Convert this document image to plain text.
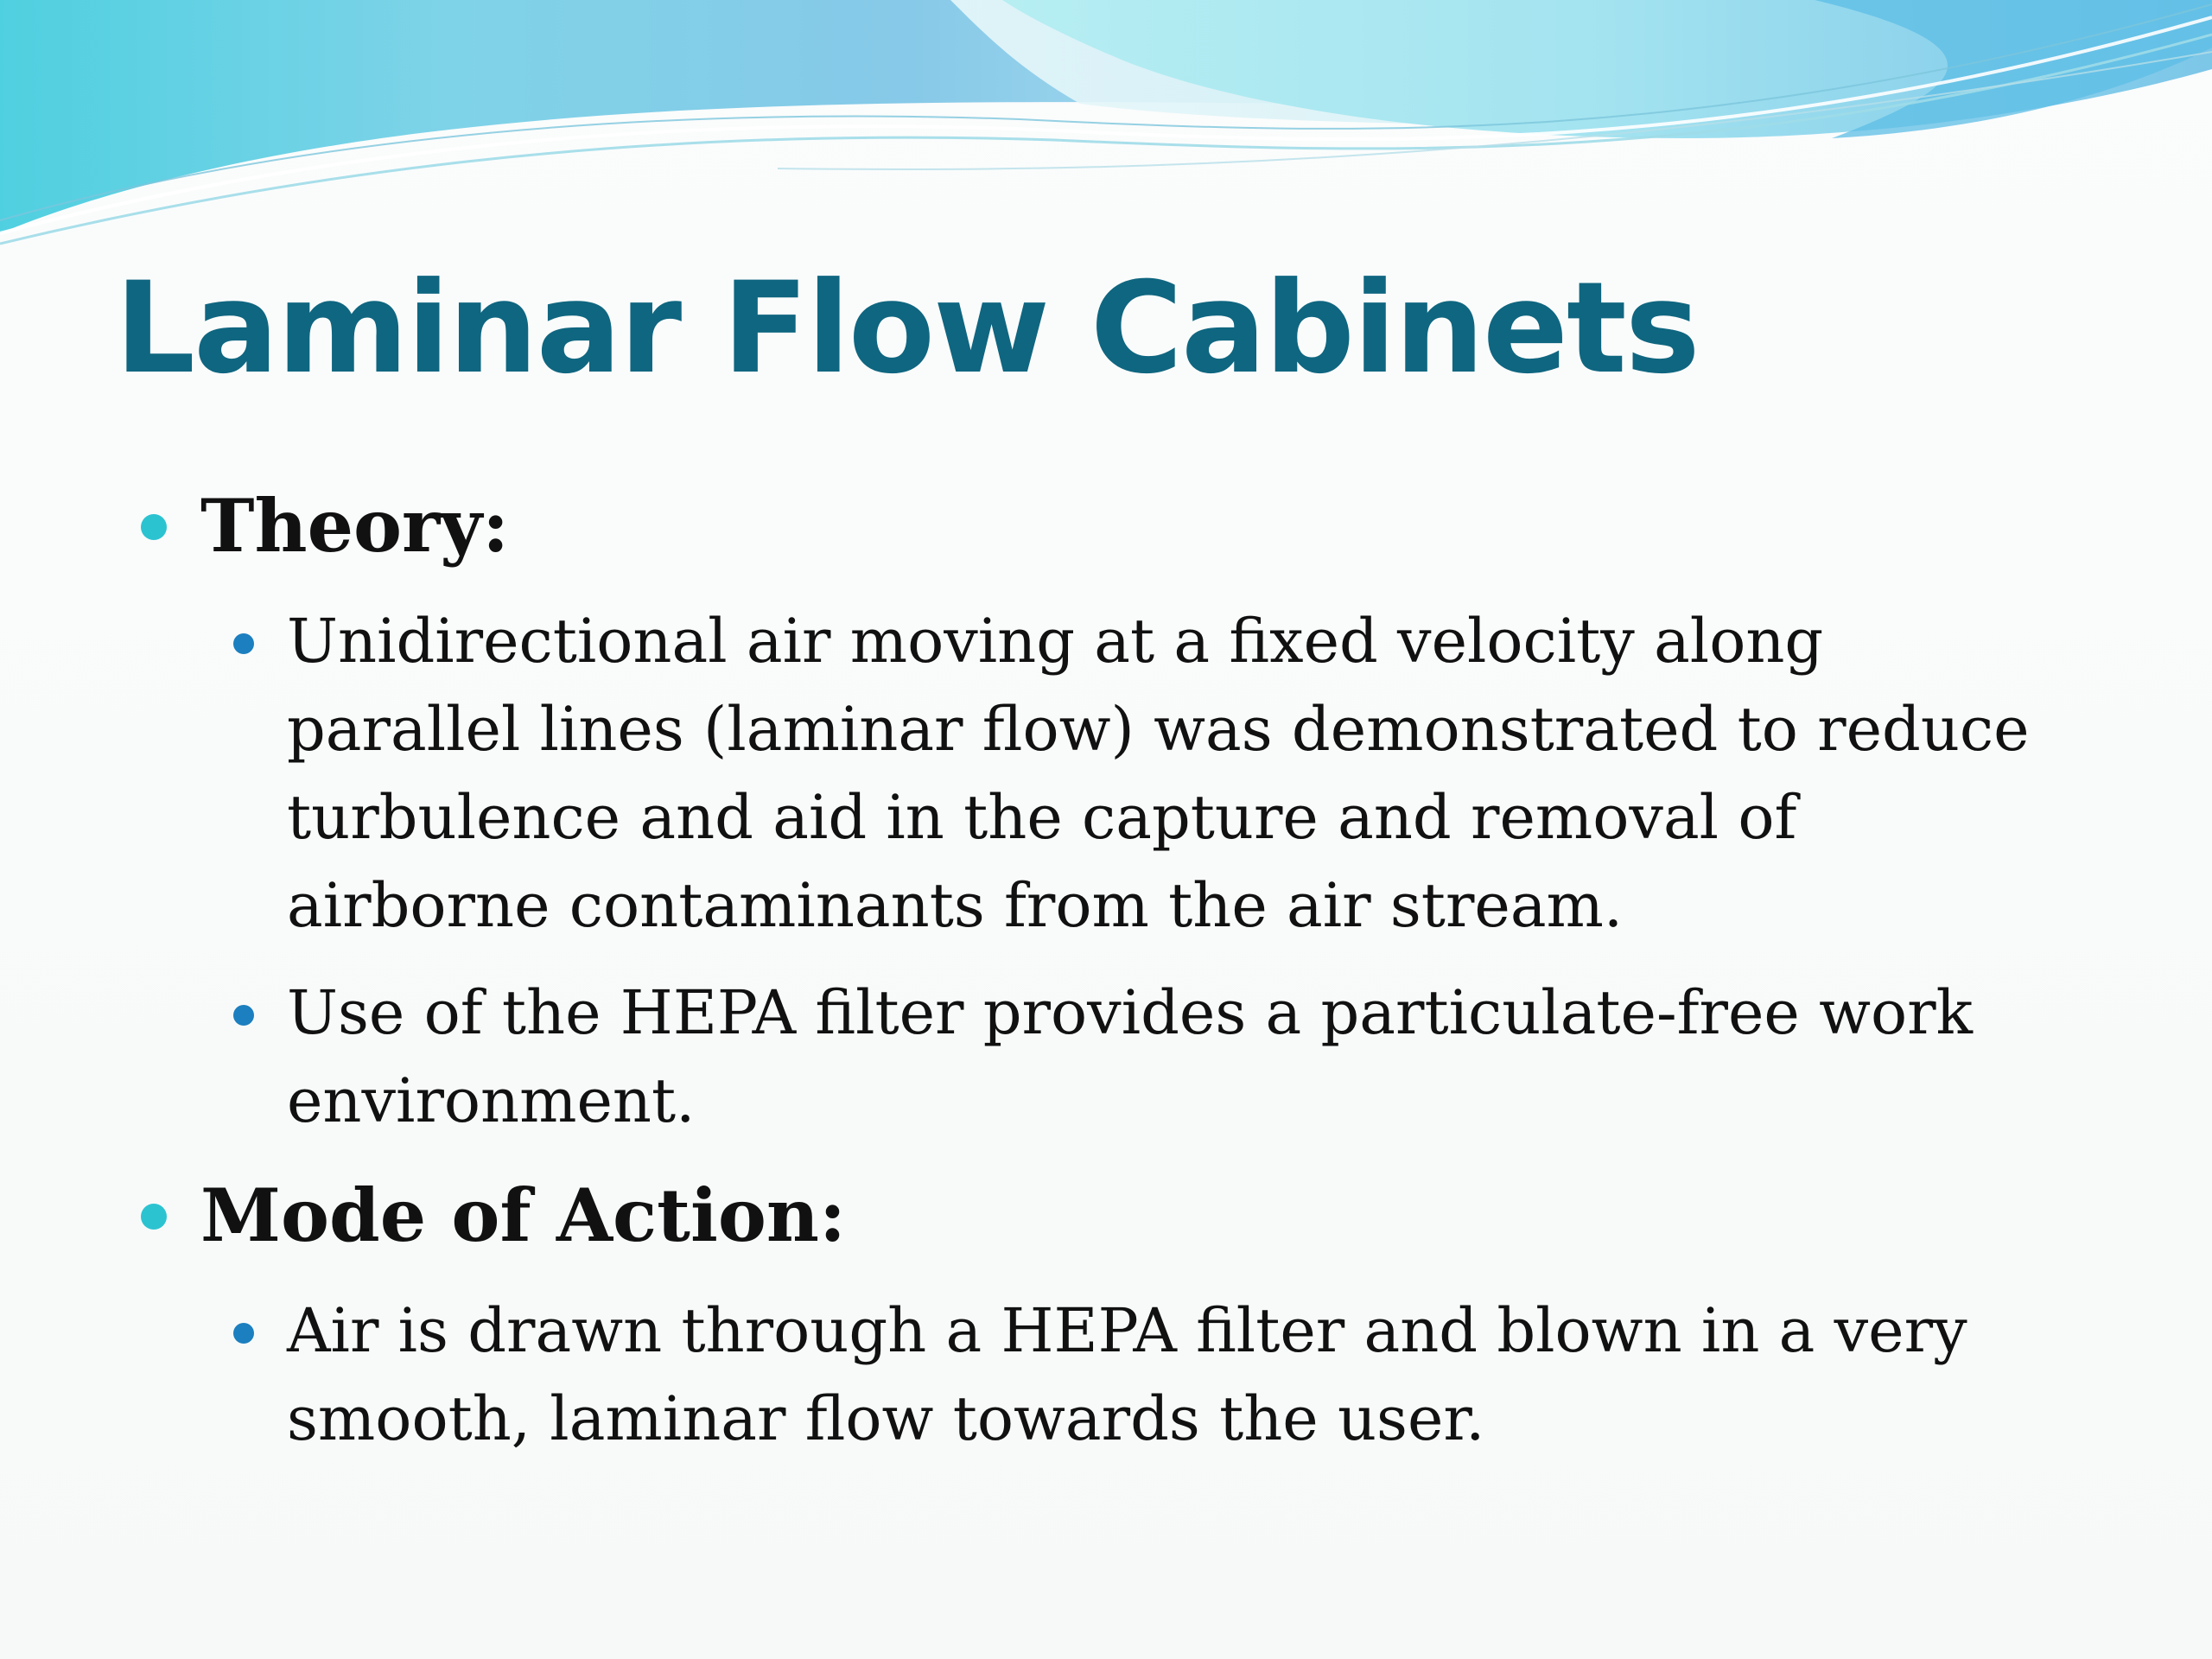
Laminar Flow Cabinets
Theory:
Unidirectional air moving at a fixed velocity along
parallel lines (laminar flow) was demonstrated to reduce
turbulence and aid in the capture and removal of
airborne contaminants from the air stream.
Use of the HEPA filter provides a particulate-free work
environment.
Mode of Action:
Air is drawn through a HEPA filter and blown in a very
smooth, laminar flow towards the user.
